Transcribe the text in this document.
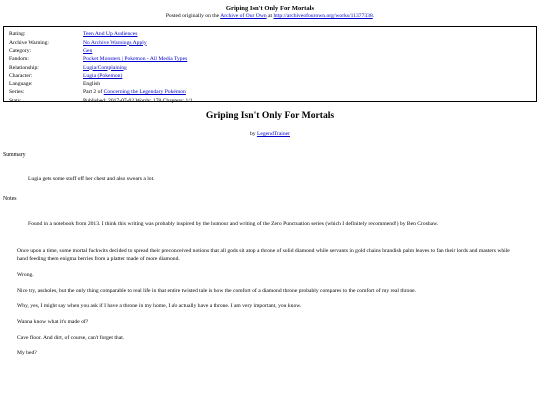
Griping Isn't Only For Mortals
Posted originally on the Archive of Our Own at http://archiveofourown.org/works/11377338.
Rating:	Teen And Up Audiences
Archive Warning:	No Archive Warnings Apply
Category:	Gen
Fandom:	Pocket Monsters | Pokemon - All Media Types
Relationship:	Lugia/Complaining
Character:	Lugia (Pokemon)
Language:	English
Series:	Part 2 of Concerning the Legendary Pokémon
Stats:	Published: 2017-07-02 Words: 178 Chapters: 1/1
Griping Isn't Only For Mortals
by LegendTrainer
Summary
Lugia gets some stuff off her chest and also swears a lot.
Notes
Found in a notebook from 2013. I think this writing was probably inspired by the humour and writing of the Zero Punctuation series (which I definitely recommend!) by Ben Croshaw.

Once upon a time, some mortal fuckwits decided to spread their preconceived notions that all gods sit atop a throne of solid diamond while servants in gold chains brandish palm leaves to fan their lords and masters while hand feeding them enigma berries from a platter made of more diamond.

Wrong.

Nice try, assholes, but the only thing comparable to real life in that entire twisted tale is how the comfort of a diamond throne probably compares to the comfort of my real throne.

Why, yes, I might say when you ask if I have a throne in my home, I do actually have a throne. I am very important, you know.

Wanna know what it's made of?

Cave floor. And dirt, of course, can't forget that.

My bed?
